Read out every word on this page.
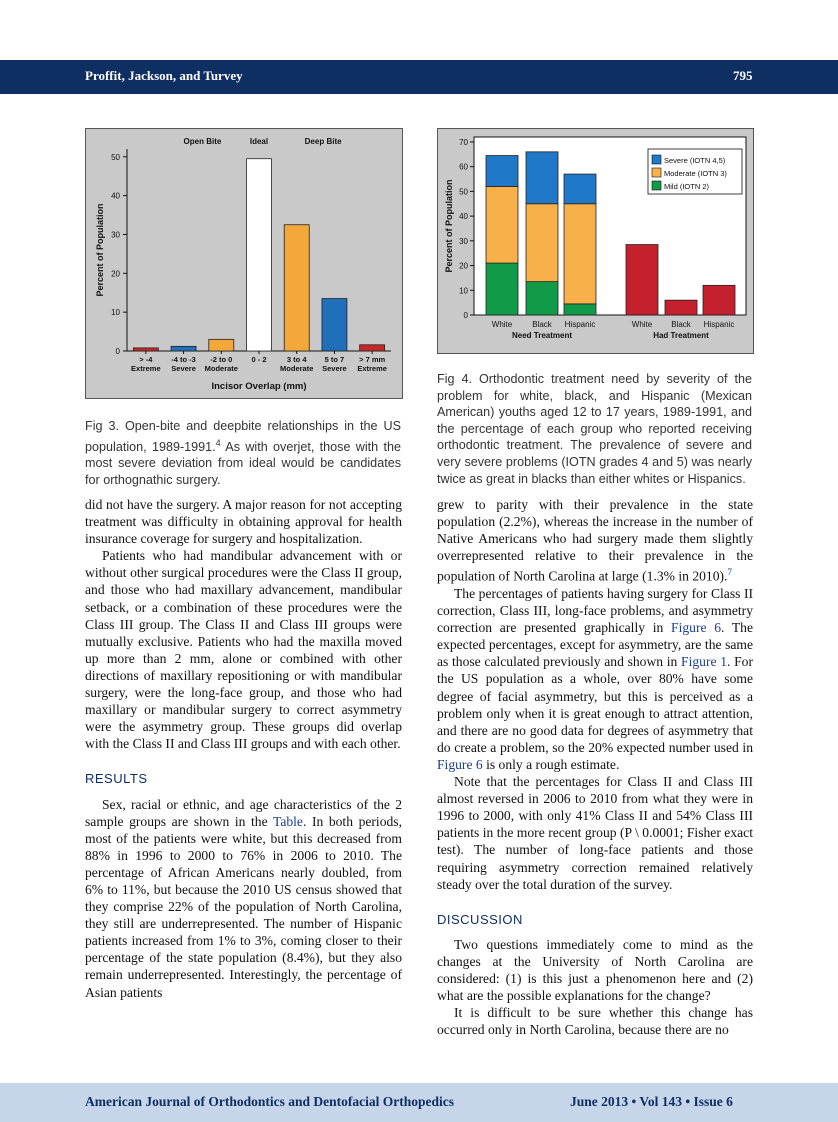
Proffit, Jackson, and Turvey	795
0
10
20
30
40
50
Percent of Population
> -4
Extreme
-4 to -3
Severe
-2 to 0
Moderate
0 - 2	3 to 4
Moderate
5 to 7
Severe
> 7 mm
Extreme
Open Bite	Ideal	Deep Bite
Incisor Overlap (mm)

Fig 3. Open-bite and deepbite relationships in the US population, 1989-1991.$^4$ As with overjet, those with the most severe deviation from ideal would be candidates for orthognathic surgery.

0
10
20
30
40
50
60
70
Percent of Population
White Black Hispanic	White Black Hispanic
Need Treatment	Had Treatment
Severe (IOTN 4,5)
Moderate (IOTN 3)
Mild (IOTN 2)

Fig 4. Orthodontic treatment need by severity of the problem for white, black, and Hispanic (Mexican American) youths aged 12 to 17 years, 1989-1991, and the percentage of each group who reported receiving orthodontic treatment. The prevalence of severe and very severe problems (IOTN grades 4 and 5) was nearly twice as great in blacks than either whites or Hispanics.

did not have the surgery. A major reason for not accepting treatment was difficulty in obtaining approval for health insurance coverage for surgery and hospitalization.

Patients who had mandibular advancement with or without other surgical procedures were the Class II group, and those who had maxillary advancement, mandibular setback, or a combination of these procedures were the Class III group. The Class II and Class III groups were mutually exclusive. Patients who had the maxilla moved up more than 2 mm, alone or combined with other directions of maxillary repositioning or with mandibular surgery, were the long-face group, and those who had maxillary or mandibular surgery to correct asymmetry were the asymmetry group. These groups did overlap with the Class II and Class III groups and with each other.

RESULTS

Sex, racial or ethnic, and age characteristics of the 2 sample groups are shown in the Table. In both periods, most of the patients were white, but this decreased from 88% in 1996 to 2000 to 76% in 2006 to 2010. The percentage of African Americans nearly doubled, from 6% to 11%, but because the 2010 US census showed that they comprise 22% of the population of North Carolina, they still are underrepresented. The number of Hispanic patients increased from 1% to 3%, coming closer to their percentage of the state population (8.4%), but they also remain underrepresented. Interestingly, the percentage of Asian patients

grew to parity with their prevalence in the state population (2.2%), whereas the increase in the number of Native Americans who had surgery made them slightly overrepresented relative to their prevalence in the population of North Carolina at large (1.3% in 2010).$^7$

The percentages of patients having surgery for Class II correction, Class III, long-face problems, and asymmetry correction are presented graphically in Figure 6. The expected percentages, except for asymmetry, are the same as those calculated previously and shown in Figure 1. For the US population as a whole, over 80% have some degree of facial asymmetry, but this is perceived as a problem only when it is great enough to attract attention, and there are no good data for degrees of asymmetry that do create a problem, so the 20% expected number used in Figure 6 is only a rough estimate.

Note that the percentages for Class II and Class III almost reversed in 2006 to 2010 from what they were in 1996 to 2000, with only 41% Class II and 54% Class III patients in the more recent group (P \ 0.0001; Fisher exact test). The number of long-face patients and those requiring asymmetry correction remained relatively steady over the total duration of the survey.

DISCUSSION

Two questions immediately come to mind as the changes at the University of North Carolina are considered: (1) is this just a phenomenon here and (2) what are the possible explanations for the change?

It is difficult to be sure whether this change has occurred only in North Carolina, because there are no

American Journal of Orthodontics and Dentofacial Orthopedics	June 2013 • Vol 143 • Issue 6
